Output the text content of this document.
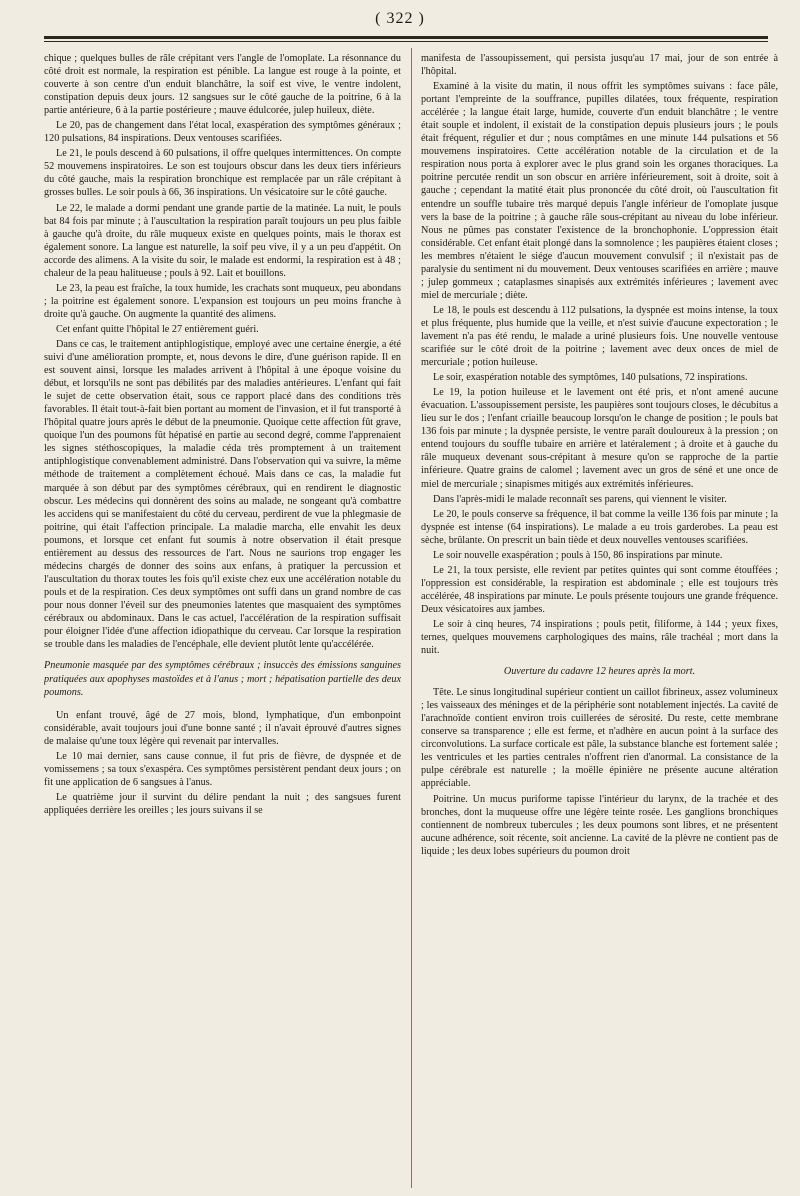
( 322 )

chique ; quelques bulles de râle crépitant vers l'angle de l'omoplate. La résonnance du côté droit est normale, la respiration est pénible. La langue est rouge à la pointe, et couverte à son centre d'un enduit blanchâtre, la soif est vive, le ventre indolent, constipation depuis deux jours. 12 sangsues sur le côté gauche de la poitrine, 6 à la partie antérieure, 6 à la partie postérieure ; mauve édulcorée, julep huileux, diète.

Le 20, pas de changement dans l'état local, exaspération des symptômes généraux ; 120 pulsations, 84 inspirations. Deux ventouses scarifiées.

Le 21, le pouls descend à 60 pulsations, il offre quelques intermittences. On compte 52 mouvemens inspiratoires. Le son est toujours obscur dans les deux tiers inférieurs du côté gauche, mais la respiration bronchique est remplacée par un râle crépitant à grosses bulles. Le soir pouls à 66, 36 inspirations. Un vésicatoire sur le côté gauche.

Le 22, le malade a dormi pendant une grande partie de la matinée. La nuit, le pouls bat 84 fois par minute ; à l'auscultation la respiration paraît toujours un peu plus faible à gauche qu'à droite, du râle muqueux existe en quelques points, mais le thorax est également sonore. La langue est naturelle, la soif peu vive, il y a un peu d'appétit. On accorde des alimens. A la visite du soir, le malade est endormi, la respiration est à 48 ; chaleur de la peau halitueuse ; pouls à 92. Lait et bouillons.

Le 23, la peau est fraîche, la toux humide, les crachats sont muqueux, peu abondans ; la poitrine est également sonore. L'expansion est toujours un peu moins franche à droite qu'à gauche. On augmente la quantité des alimens.

Cet enfant quitte l'hôpital le 27 entièrement guéri.

Dans ce cas, le traitement antiphlogistique, employé avec une certaine énergie, a été suivi d'une amélioration prompte, et, nous devons le dire, d'une guérison rapide. Il en est souvent ainsi, lorsque les malades arrivent à l'hôpital à une époque voisine du début, et lorsqu'ils ne sont pas débilités par des maladies antérieures. L'enfant qui fait le sujet de cette observation était, sous ce rapport placé dans des conditions très favorables. Il était tout-à-fait bien portant au moment de l'invasion, et il fut transporté à l'hôpital quatre jours après le début de la pneumonie. Quoique cette affection fût grave, quoique l'un des poumons fût hépatisé en partie au second degré, comme l'apprenaient les signes stéthoscopiques, la maladie céda très promptement à un traitement antiphlogistique convenablement administré. Dans l'observation qui va suivre, la même méthode de traitement a complètement échoué. Mais dans ce cas, la maladie fut marquée à son début par des symptômes cérébraux, qui en rendirent le diagnostic obscur. Les médecins qui donnèrent des soins au malade, ne songeant qu'à combattre les accidens qui se manifestaient du côté du cerveau, perdirent de vue la phlegmasie de poitrine, qui était l'affection principale. La maladie marcha, elle envahit les deux poumons, et lorsque cet enfant fut soumis à notre observation il était presque entièrement au dessus des ressources de l'art. Nous ne saurions trop engager les médecins chargés de donner des soins aux enfans, à pratiquer la percussion et l'auscultation du thorax toutes les fois qu'il existe chez eux une accélération notable du pouls et de la respiration. Ces deux symptômes ont suffi dans un grand nombre de cas pour nous donner l'éveil sur des pneumonies latentes que masquaient des symptômes cérébraux ou abdominaux. Dans le cas actuel, l'accélération de la respiration suffisait pour éloigner l'idée d'une affection idiopathique du cerveau. Car lorsque la respiration se trouble dans les maladies de l'encéphale, elle devient plutôt lente qu'accélérée.

Pneumonie masquée par des symptômes cérébraux ; insuccès des émissions sanguines pratiquées aux apophyses mastoïdes et à l'anus ; mort ; hépatisation partielle des deux poumons.

Un enfant trouvé, âgé de 27 mois, blond, lymphatique, d'un embonpoint considérable, avait toujours joui d'une bonne santé ; il n'avait éprouvé d'autres signes de malaise qu'une toux légère qui revenait par intervalles.

Le 10 mai dernier, sans cause connue, il fut pris de fièvre, de dyspnée et de vomissemens ; sa toux s'exaspéra. Ces symptômes persistèrent pendant deux jours ; on fit une application de 6 sangsues à l'anus.

Le quatrième jour il survint du délire pendant la nuit ; des sangsues furent appliquées derrière les oreilles ; les jours suivans il se

manifesta de l'assoupissement, qui persista jusqu'au 17 mai, jour de son entrée à l'hôpital.

Examiné à la visite du matin, il nous offrit les symptômes suivans : face pâle, portant l'empreinte de la souffrance, pupilles dilatées, toux fréquente, respiration accélérée ; la langue était large, humide, couverte d'un enduit blanchâtre ; le ventre était souple et indolent, il existait de la constipation depuis plusieurs jours ; le pouls était fréquent, régulier et dur ; nous comptâmes en une minute 144 pulsations et 56 mouvemens inspiratoires. Cette accélération notable de la circulation et de la respiration nous porta à explorer avec le plus grand soin les organes thoraciques. La poitrine percutée rendit un son obscur en arrière inférieurement, soit à droite, soit à gauche ; cependant la matité était plus prononcée du côté droit, où l'auscultation fit entendre un souffle tubaire très marqué depuis l'angle inférieur de l'omoplate jusque vers la base de la poitrine ; à gauche râle sous-crépitant au niveau du lobe inférieur. Nous ne pûmes pas constater l'existence de la bronchophonie. L'oppression était considérable. Cet enfant était plongé dans la somnolence ; les paupières étaient closes ; les membres n'étaient le siége d'aucun mouvement convulsif ; il n'existait pas de paralysie du sentiment ni du mouvement. Deux ventouses scarifiées en arrière ; mauve ; julep gommeux ; cataplasmes sinapisés aux extrémités inférieures ; lavement avec miel de mercuriale ; diète.

Le 18, le pouls est descendu à 112 pulsations, la dyspnée est moins intense, la toux et plus fréquente, plus humide que la veille, et n'est suivie d'aucune expectoration ; le lavement n'a pas été rendu, le malade a uriné plusieurs fois. Une nouvelle ventouse scarifiée sur le côté droit de la poitrine ; lavement avec deux onces de miel de mercuriale ; potion huileuse.

Le soir, exaspération notable des symptômes, 140 pulsations, 72 inspirations.

Le 19, la potion huileuse et le lavement ont été pris, et n'ont amené aucune évacuation. L'assoupissement persiste, les paupières sont toujours closes, le décubitus a lieu sur le dos ; l'enfant criaille beaucoup lorsqu'on le change de position ; le pouls bat 136 fois par minute ; la dyspnée persiste, le ventre paraît douloureux à la pression ; on entend toujours du souffle tubaire en arrière et latéralement ; à droite et à gauche du râle muqueux devenant sous-crépitant à mesure qu'on se rapproche de la partie inférieure. Quatre grains de calomel ; lavement avec un gros de séné et une once de miel de mercuriale ; sinapismes mitigés aux extrémités inférieures.

Dans l'après-midi le malade reconnaît ses parens, qui viennent le visiter.

Le 20, le pouls conserve sa fréquence, il bat comme la veille 136 fois par minute ; la dyspnée est intense (64 inspirations). Le malade a eu trois garderobes. La peau est sèche, brûlante. On prescrit un bain tiède et deux nouvelles ventouses scarifiées.

Le soir nouvelle exaspération ; pouls à 150, 86 inspirations par minute.

Le 21, la toux persiste, elle revient par petites quintes qui sont comme étouffées ; l'oppression est considérable, la respiration est abdominale ; elle est toujours très accélérée, 48 inspirations par minute. Le pouls présente toujours une grande fréquence. Deux vésicatoires aux jambes.

Le soir à cinq heures, 74 inspirations ; pouls petit, filiforme, à 144 ; yeux fixes, ternes, quelques mouvemens carphologiques des mains, râle trachéal ; mort dans la nuit.

Ouverture du cadavre 12 heures après la mort.

Tête. Le sinus longitudinal supérieur contient un caillot fibrineux, assez volumineux ; les vaisseaux des méninges et de la périphérie sont notablement injectés. La cavité de l'arachnoïde contient environ trois cuillerées de sérosité. Du reste, cette membrane conserve sa transparence ; elle est ferme, et n'adhère en aucun point à la surface des circonvolutions. La surface corticale est pâle, la substance blanche est fortement salée ; les ventricules et les parties centrales n'offrent rien d'anormal. La consistance de la pulpe cérébrale est naturelle ; la moëlle épinière ne présente aucune altération appréciable.

Poitrine. Un mucus puriforme tapisse l'intérieur du larynx, de la trachée et des bronches, dont la muqueuse offre une légère teinte rosée. Les ganglions bronchiques contiennent de nombreux tubercules ; les deux poumons sont libres, et ne présentent aucune adhérence, soit récente, soit ancienne. La cavité de la plèvre ne contient pas de liquide ; les deux lobes supérieurs du poumon droit
